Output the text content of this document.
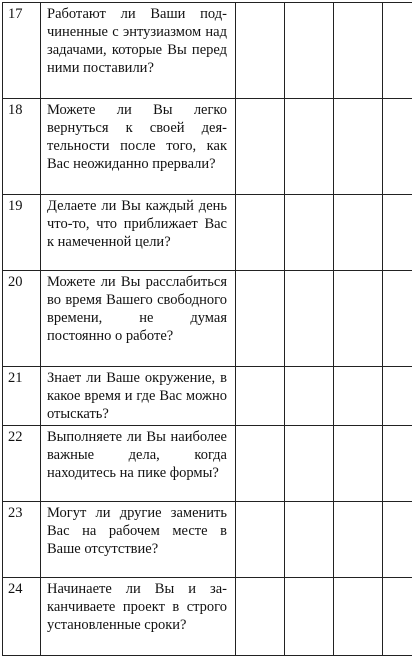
17	Работают ли Ваши подчиненные с энтузиазмом над задачами, которые Вы перед ними поставили?				
18	Можете ли Вы легко вернуться к своей деятельности после того, как Вас неожиданно прервали?				
19	Делаете ли Вы каждый день что-то, что приближает Вас к намеченной цели?				
20	Можете ли Вы расслабиться во время Вашего свободного времени, не думая постоянно о работе?				
21	Знает ли Ваше окружение, в какое время и где Вас можно отыскать?				
22	Выполняете ли Вы наиболее важные дела, когда находитесь на пике формы?				
23	Могут ли другие заменить Вас на рабочем месте в Ваше отсутствие?				
24	Начинаете ли Вы и заканчиваете проект в строго установленные сроки?				
